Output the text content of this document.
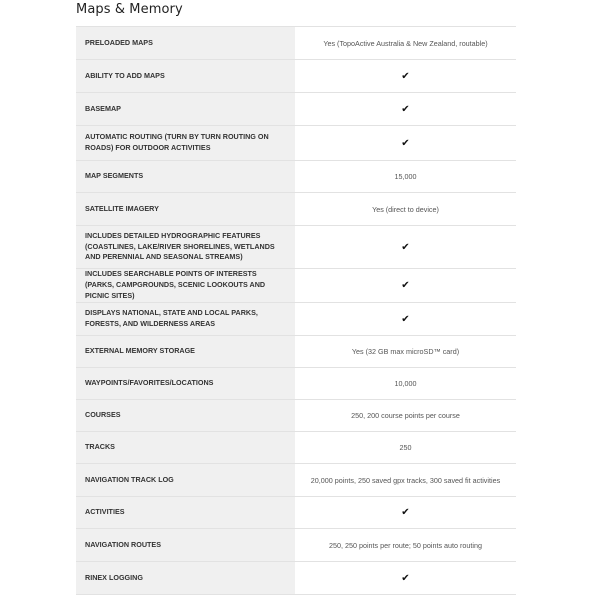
Maps & Memory
PRELOADED MAPS	Yes (TopoActive Australia & New Zealand, routable)
ABILITY TO ADD MAPS	✔
BASEMAP	✔
AUTOMATIC ROUTING (TURN BY TURN ROUTING ON ROADS) FOR OUTDOOR ACTIVITIES	✔
MAP SEGMENTS	15,000
SATELLITE IMAGERY	Yes (direct to device)
INCLUDES DETAILED HYDROGRAPHIC FEATURES (COASTLINES, LAKE/RIVER SHORELINES, WETLANDS AND PERENNIAL AND SEASONAL STREAMS)	✔
INCLUDES SEARCHABLE POINTS OF INTERESTS (PARKS, CAMPGROUNDS, SCENIC LOOKOUTS AND PICNIC SITES)	✔
DISPLAYS NATIONAL, STATE AND LOCAL PARKS, FORESTS, AND WILDERNESS AREAS	✔
EXTERNAL MEMORY STORAGE	Yes (32 GB max microSD™ card)
WAYPOINTS/FAVORITES/LOCATIONS	10,000
COURSES	250, 200 course points per course
TRACKS	250
NAVIGATION TRACK LOG	20,000 points, 250 saved gpx tracks, 300 saved fit activities
ACTIVITIES	✔
NAVIGATION ROUTES	250, 250 points per route; 50 points auto routing
RINEX LOGGING	✔
